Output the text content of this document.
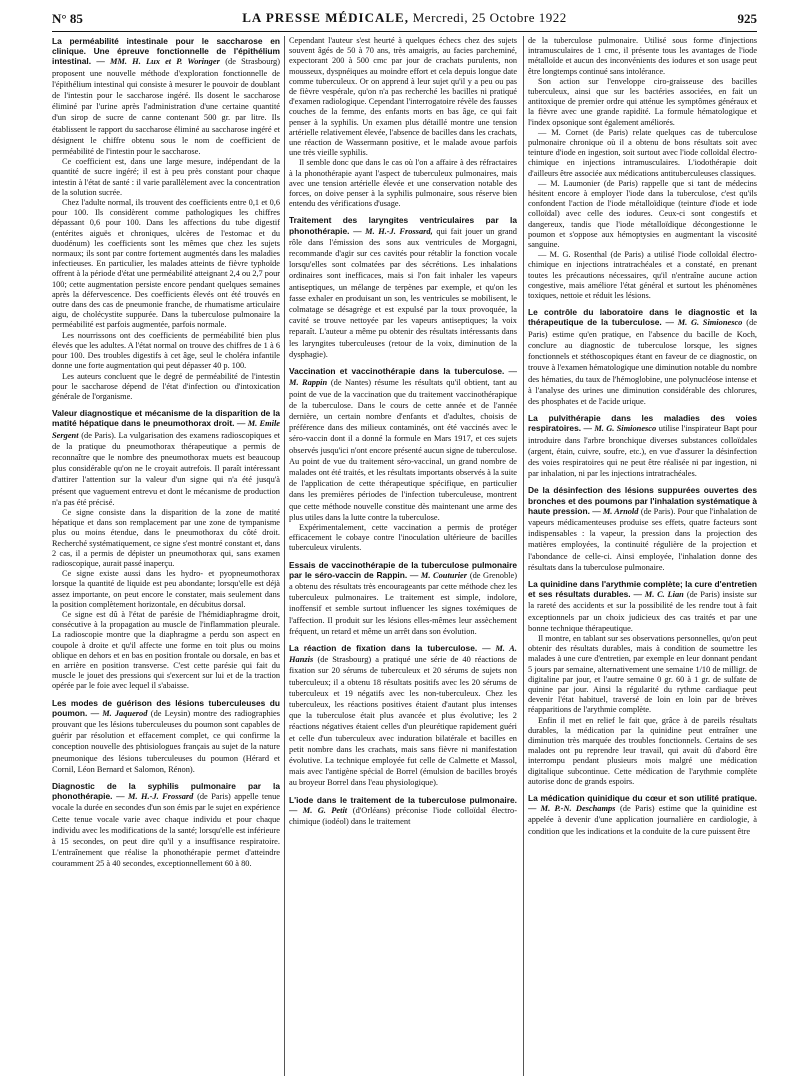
N° 85	LA PRESSE MÉDICALE, Mercredi, 25 Octobre 1922	925
La perméabilité intestinale pour le saccharose en clinique. Une épreuve fonctionnelle de l'épithélium intestinal. — MM. H. Lux et P. Woringer (de Strasbourg) proposent une nouvelle méthode d'exploration fonctionnelle de l'épithélium intestinal qui consiste à mesurer le pouvoir de doublant de l'intestin pour le saccharose ingéré. Ils dosent le saccharose éliminé par l'urine après l'administration d'une certaine quantité d'un sirop de sucre de canne contenant 500 gr. par litre. Ils établissent le rapport du saccharose éliminé au saccharose ingéré et désignent le chiffre obtenu sous le nom de coefficient de perméabilité de l'intestin pour le saccharose.

Ce coefficient est, dans une large mesure, indépendant de la quantité de sucre ingéré; il est à peu près constant pour chaque intestin à l'état de santé : il varie parallèlement avec la concentration de la solution sucrée.

Chez l'adulte normal, ils trouvent des coefficients entre 0,1 et 0,6 pour 100. Ils considèrent comme pathologiques les chiffres dépassant 0,6 pour 100. Dans les affections du tube digestif (entérites aiguës et chroniques, ulcères de l'estomac et du duodénum) les coefficients sont les mêmes que chez les sujets normaux; ils sont par contre fortement augmentés dans les maladies infectieuses. En particulier, les malades atteints de fièvre typhoïde offrent à la période d'état une perméabilité atteignant 2,4 ou 2,7 pour 100; cette augmentation persiste encore pendant quelques semaines après la défervescence. Des coefficients élevés ont été trouvés en outre dans des cas de pneumonie franche, de rhumatisme articulaire aigu, de cholécystite suppurée. Dans la tuberculose pulmonaire la perméabilité est parfois augmentée, parfois normale.

Les nourrissons ont des coefficients de perméabilité bien plus élevés que les adultes. A l'état normal on trouve des chiffres de 1 à 6 pour 100. Des troubles digestifs à cet âge, seul le choléra infantile donne une forte augmentation qui peut dépasser 40 p. 100.

Les auteurs concluent que le degré de perméabilité de l'intestin pour le saccharose dépend de l'état d'infection ou d'intoxication générale de l'organisme.

Valeur diagnostique et mécanisme de la disparition de la matité hépatique dans le pneumothorax droit. — M. Emile Sergent (de Paris). La vulgarisation des examens radioscopiques et de la pratique du pneumothorax thérapeutique a permis de reconnaître que le nombre des pneumothorax muets est beaucoup plus considérable qu'on ne le croyait autrefois. Il paraît intéressant d'attirer l'attention sur la valeur d'un signe qui n'a été jusqu'à présent que vaguement entrevu et dont le mécanisme de production n'a pas été précisé.

Ce signe consiste dans la disparition de la zone de matité hépatique et dans son remplacement par une zone de tympanisme plus ou moins étendue, dans le pneumothorax du côté droit. Recherché systématiquement, ce signe s'est montré constant et, dans 2 cas, il a permis de dépister un pneumothorax qui, sans examen radioscopique, aurait passé inaperçu.

Ce signe existe aussi dans les hydro- et pyopneumothorax lorsque la quantité de liquide est peu abondante; lorsqu'elle est déjà assez importante, on peut encore le constater, mais seulement dans la position complètement horizontale, en décubitus dorsal.

Ce signe est dû à l'état de parésie de l'hémidiaphragme droit, consécutive à la propagation au muscle de l'inflammation pleurale. La radioscopie montre que la diaphragme a perdu son aspect en coupole à droite et qu'il affecte une forme en toit plus ou moins oblique en dehors et en bas en position frontale ou dorsale, en bas et en arrière en position transverse. C'est cette parésie qui fait du muscle le jouet des pressions qui s'exercent sur lui et de la traction opérée par le foie avec lequel il s'abaisse.

Les modes de guérison des lésions tuberculeuses du poumon. — M. Jaquerod (de Leysin) montre des radiographies prouvant que les lésions tuberculeuses du poumon sont capables de guérir par résolution et effacement complet, ce qui confirme la conception nouvelle des phtisiologues français au sujet de la nature pneumonique des lésions tuberculeuses du poumon (Hérard et Cornil, Léon Bernard et Salomon, Rénon).
Diagnostic de la syphilis pulmonaire par la phonothérapie. — M. H.-J. Frossard (de Paris) appelle tenue vocale la durée en secondes d'un son émis par le sujet en expérience Cette tenue vocale varie avec chaque individu et pour chaque individu avec les modifications de la santé; lorsqu'elle est inférieure à 15 secondes, on peut dire qu'il y a insuffisance respiratoire. L'entraînement que réalise la phonothérapie permet d'atteindre couramment 25 à 40 secondes, exceptionnellement 60 à 80.

Cependant l'auteur s'est heurté à quelques échecs chez des sujets souvent âgés de 50 à 70 ans, très amaigris, au facies parcheminé, expectorant 200 à 500 cmc par jour de crachats purulents, non mousseux, dyspnéiques au moindre effort et cela depuis longue date comme tuberculeux. Or on apprend à leur sujet qu'il y a peu ou pas de fièvre vespérale, qu'on n'a pas recherché les bacilles ni pratiqué d'examen radiologique. Cependant l'interrogatoire révèle des fausses couches de la femme, des enfants morts en bas âge, ce qui fait penser à la syphilis. Un examen plus détaillé montre une tension artérielle relativement élevée, l'absence de bacilles dans les crachats, une réaction de Wassermann positive, et le malade avoue parfois une très vieille syphilis.

Il semble donc que dans le cas où l'on a affaire à des réfractaires à la phonothérapie ayant l'aspect de tuberculeux pulmonaires, mais avec une tension artérielle élevée et une conservation notable des forces, on doive penser à la syphilis pulmonaire, sous réserve bien entendu des vérifications d'usage.

Traitement des laryngites ventriculaires par la phonothérapie. — M. H.-J. Frossard, qui fait jouer un grand rôle dans l'émission des sons aux ventricules de Morgagni, recommande d'agir sur ces cavités pour rétablir la fonction vocale lorsqu'elles sont colmatées par des sécrétions. Les inhalations ordinaires sont inefficaces, mais si l'on fait inhaler les vapeurs antiseptiques, un mélange de terpènes par exemple, et qu'on les fasse exhaler en produisant un son, les ventricules se mobilisent, le colmatage se désagrège et est expulsé par la toux provoquée, la cavité se trouve nettoyée par les vapeurs antiseptiques; la voix reparaît. L'auteur a même pu obtenir des résultats intéressants dans les laryngites tuberculeuses (retour de la voix, diminution de la dysphagie).
Vaccination et vaccinothérapie dans la tuberculose. — M. Rappin (de Nantes) résume les résultats qu'il obtient, tant au point de vue de la vaccination que du traitement vaccinothérapique de la tuberculose. Dans le cours de cette année et de l'année dernière, un certain nombre d'enfants et d'adultes, choisis de préférence dans des milieux contaminés, ont été vaccinés avec le séro-vaccin dont il a donné la formule en Mars 1917, et ces sujets observés jusqu'ici n'ont encore présenté aucun signe de tuberculose. Au point de vue du traitement séro-vaccinal, un grand nombre de malades ont été traités, et les résultats importants observés à la suite de l'application de cette thérapeutique spécifique, en particulier dans les premières périodes de l'infection tuberculeuse, montrent que cette méthode nouvelle constitue dès maintenant une arme des plus utiles dans la lutte contre la tuberculose.

Expérimentalement, cette vaccination a permis de protéger efficacement le cobaye contre l'inoculation ultérieure de bacilles tuberculeux virulents.

Essais de vaccinothérapie de la tuberculose pulmonaire par le séro-vaccin de Rappin. — M. Couturier (de Grenoble) a obtenu des résultats très encourageants par cette méthode chez les tuberculeux pulmonaires. Le traitement est simple, indolore, inoffensif et semble surtout influencer les signes toxémiques de l'affection. Il produit sur les lésions elles-mêmes leur assèchement fréquent, un retard et même un arrêt dans son évolution.
La réaction de fixation dans la tuberculose. — M. A. Hanzis (de Strasbourg) a pratiqué une série de 40 réactions de fixation sur 20 sérums de tuberculeux et 20 sérums de sujets non tuberculeux; il a obtenu 18 résultats positifs avec les 20 sérums de tuberculeux et 19 négatifs avec les non-tuberculeux. Chez les tuberculeux, les réactions positives étaient d'autant plus intenses que la tuberculose était plus avancée et plus évolutive; les 2 réactions négatives étaient celles d'un pleurétique rapidement guéri et celle d'un tuberculeux avec induration bilatérale et bacilles en petit nombre dans les crachats, mais sans fièvre ni manifestation évolutive. La technique employée fut celle de Calmette et Massol, mais avec l'antigène spécial de Borrel (émulsion de bacilles broyés au broyeur Borrel dans l'eau physiologique).
L'iode dans le traitement de la tuberculose pulmonaire. — M. G. Petit (d'Orléans) préconise l'iode colloïdal électro-chimique (iodéol) dans le traitement

de la tuberculose pulmonaire. Utilisé sous forme d'injections intramusculaires de 1 cmc, il présente tous les avantages de l'iode métalloïde et aucun des inconvénients des iodures et son usage peut être longtemps continué sans intolérance.

Son action sur l'enveloppe ciro-graisseuse des bacilles tuberculeux, ainsi que sur les bactéries associées, en fait un antitoxique de premier ordre qui atténue les symptômes généraux et la fièvre avec une grande rapidité. La formule hématologique et l'index opsonique sont également améliorés.

— M. Cornet (de Paris) relate quelques cas de tuberculose pulmonaire chronique où il a obtenu de bons résultats soit avec teinture d'iode en ingestion, soit surtout avec l'iode colloïdal électro-chimique en injections intramusculaires. L'iodothérapie doit d'ailleurs être associée aux médications antituberculeuses classiques.

— M. Laumonier (de Paris) rappelle que si tant de médecins hésitent encore à employer l'iode dans la tuberculose, c'est qu'ils confondent l'action de l'iode métalloïdique (teinture d'iode et iode colloïdal) avec celle des iodures. Ceux-ci sont congestifs et dangereux, tandis que l'iode métalloïdique décongestionne le poumon et s'oppose aux hémoptysies en augmentant la viscosité sanguine.

— M. G. Rosenthal (de Paris) a utilisé l'iode colloïdal électro-chimique en injections intratrachéales et a constaté, en prenant toutes les précautions nécessaires, qu'il n'entraîne aucune action congestive, mais améliore l'état général et surtout les phénomènes toxiques, nettoie et réduit les lésions.

Le contrôle du laboratoire dans le diagnostic et la thérapeutique de la tuberculose. — M. G. Simionesco (de Paris) estime qu'en pratique, en l'absence du bacille de Koch, conclure au diagnostic de tuberculose lorsque, les signes fonctionnels et stéthoscopiques étant en faveur de ce diagnostic, on trouve à l'examen hématologique une diminution notable du nombre des hématies, du taux de l'hémoglobine, une polynucléose intense et à l'analyse des urines une diminution considérable des chlorures, des phosphates et de l'acide urique.
La pulvithérapie dans les maladies des voies respiratoires. — M. G. Simionesco utilise l'inspirateur Bapt pour introduire dans l'arbre bronchique diverses substances colloïdales (argent, étain, cuivre, soufre, etc.), en vue d'assurer la désinfection des voies respiratoires qui ne peut être réalisée ni par ingestion, ni par inhalation, ni par les injections intratrachéales.
De la désinfection des lésions suppurées ouvertes des bronches et des poumons par l'inhalation systématique à haute pression. — M. Arnold (de Paris). Pour que l'inhalation de vapeurs médicamenteuses produise ses effets, quatre facteurs sont indispensables : la vapeur, la pression dans la projection des matières employées, la continuité régulière de la projection et l'abondance de celle-ci. Ainsi employée, l'inhalation donne des résultats dans la tuberculose pulmonaire.
La quinidine dans l'arythmie complète; la cure d'entretien et ses résultats durables. — M. C. Lian (de Paris) insiste sur la rareté des accidents et sur la possibilité de les rendre tout à fait exceptionnels par un choix judicieux des cas traités et par une bonne technique thérapeutique.

Il montre, en tablant sur ses observations personnelles, qu'on peut obtenir des résultats durables, mais à condition de soumettre les malades à une cure d'entretien, par exemple en leur donnant pendant 5 jours par semaine, alternativement une semaine 1/10 de milligr. de digitaline par jour, et l'autre semaine 0 gr. 60 à 1 gr. de sulfate de quinine par jour. Ainsi la régularité du rythme cardiaque peut devenir l'état habituel, traversé de loin en loin par de brèves réapparitions de l'arythmie complète.

Enfin il met en relief le fait que, grâce à de pareils résultats durables, la médication par la quinidine peut entraîner une diminution très marquée des troubles fonctionnels. Certains de ses malades ont pu reprendre leur travail, qui avait dû d'abord être interrompu pendant plusieurs mois malgré une médication digitalique subcontinue. Cette médication de l'arythmie complète autorise donc de grands espoirs.

La médication quinidique du cœur et son utilité pratique. — M. P.-N. Deschamps (de Paris) estime que la quinidine est appelée à devenir d'une application journalière en cardiologie, à condition que les indications et la conduite de la cure puissent être
